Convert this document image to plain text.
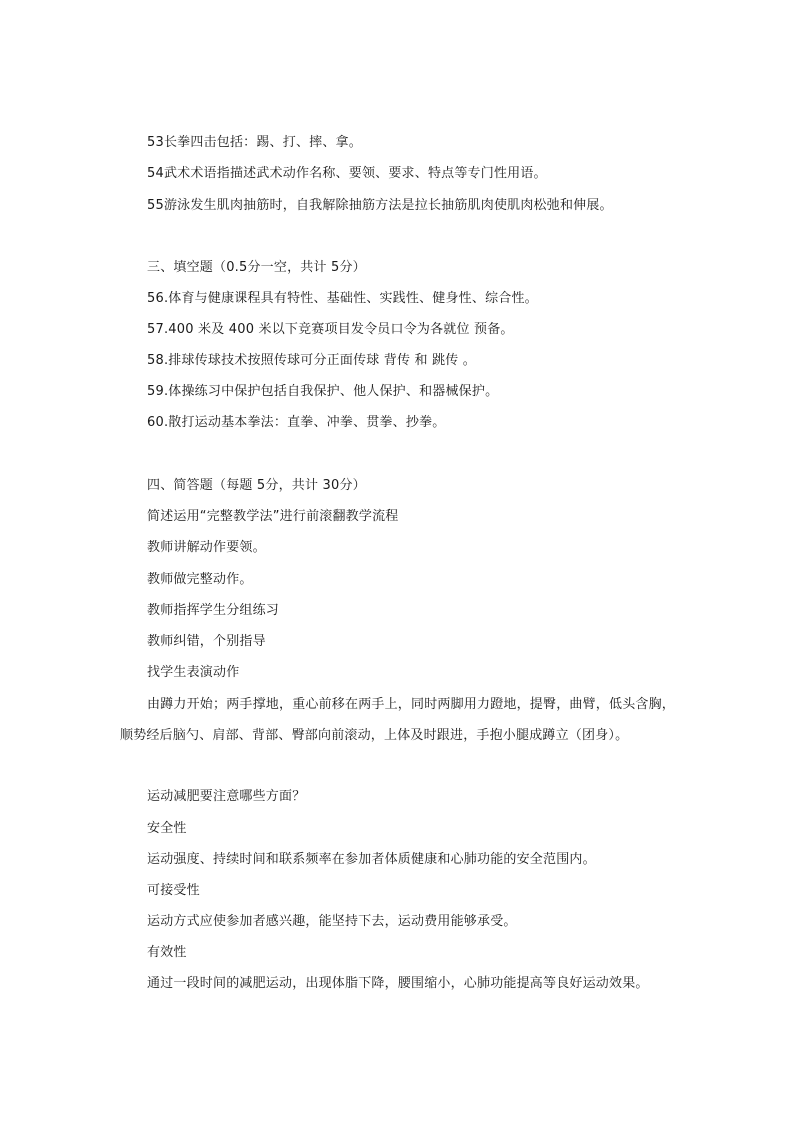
53长拳四击包括：踢、打、摔、拿。
54武术术语指描述武术动作名称、要领、要求、特点等专门性用语。
55游泳发生肌肉抽筋时，自我解除抽筋方法是拉长抽筋肌肉使肌肉松弛和伸展。
三、填空题（0.5分一空，共计 5分）
56.体育与健康课程具有特性、基础性、实践性、健身性、综合性。
57.400 米及 400 米以下竞赛项目发令员口令为各就位 预备。
58.排球传球技术按照传球可分正面传球 背传 和 跳传 。
59.体操练习中保护包括自我保护、他人保护、和器械保护。
60.散打运动基本拳法：直拳、冲拳、贯拳、抄拳。
四、简答题（每题 5分，共计 30分）
简述运用“完整教学法”进行前滚翻教学流程
教师讲解动作要领。
教师做完整动作。
教师指挥学生分组练习
教师纠错，个别指导
找学生表演动作
由蹲力开始；两手撑地，重心前移在两手上，同时两脚用力蹬地，提臀，曲臂，低头含胸，顺势经后脑勺、肩部、背部、臀部向前滚动，上体及时跟进，手抱小腿成蹲立（团身）。
运动减肥要注意哪些方面？
安全性
运动强度、持续时间和联系频率在参加者体质健康和心肺功能的安全范围内。
可接受性
运动方式应使参加者感兴趣，能坚持下去，运动费用能够承受。
有效性
通过一段时间的减肥运动，出现体脂下降，腰围缩小，心肺功能提高等良好运动效果。
